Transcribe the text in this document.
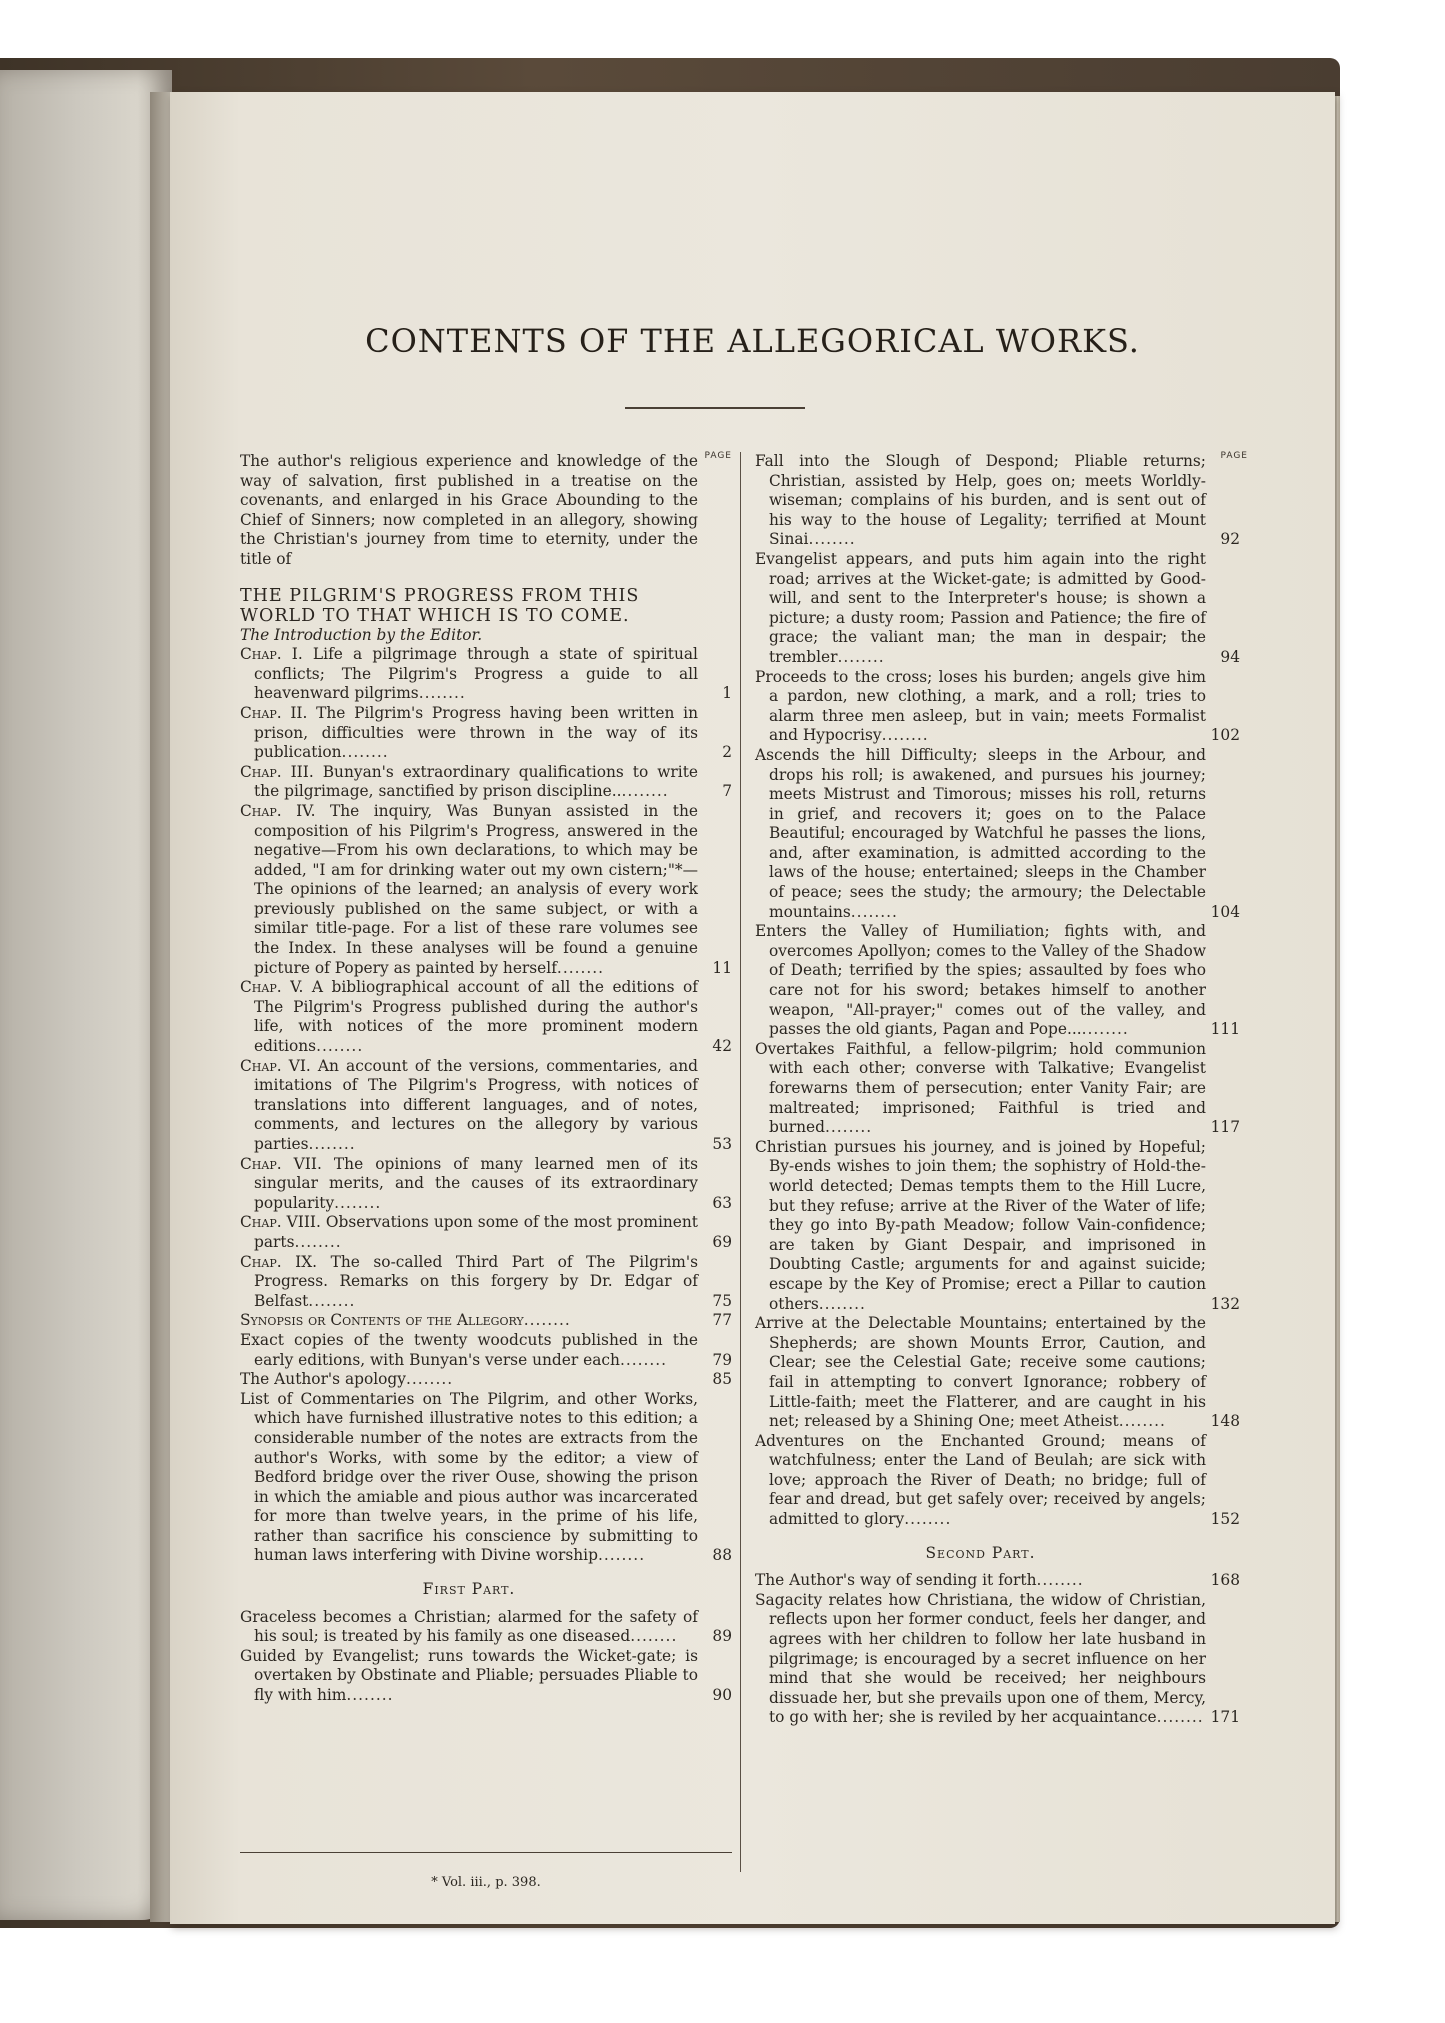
CONTENTS OF THE ALLEGORICAL WORKS.
PAGE

The author's religious experience and knowledge of the way of salvation, first published in a treatise on the covenants, and enlarged in his Grace Abounding to the Chief of Sinners; now completed in an allegory, showing the Christian's journey from time to eternity, under the title of

THE PILGRIM'S PROGRESS FROM THIS WORLD TO THAT WHICH IS TO COME.

The Introduction by the Editor.

Chap. I. Life a pilgrimage through a state of spiritual conflicts; The Pilgrim's Progress a guide to all heavenward pilgrims........	1

Chap. II. The Pilgrim's Progress having been written in prison, difficulties were thrown in the way of its publication........	2

Chap. III. Bunyan's extraordinary qualifications to write the pilgrimage, sanctified by prison discipline..........	7

Chap. IV. The inquiry, Was Bunyan assisted in the composition of his Pilgrim's Progress, answered in the negative—From his own declarations, to which may be added, "I am for drinking water out my own cistern;"*—The opinions of the learned; an analysis of every work previously published on the same subject, or with a similar title-page. For a list of these rare volumes see the Index. In these analyses will be found a genuine picture of Popery as painted by herself........	11

Chap. V. A bibliographical account of all the editions of The Pilgrim's Progress published during the author's life, with notices of the more prominent modern editions........	42

Chap. VI. An account of the versions, commentaries, and imitations of The Pilgrim's Progress, with notices of translations into different languages, and of notes, comments, and lectures on the allegory by various parties........	53

Chap. VII. The opinions of many learned men of its singular merits, and the causes of its extraordinary popularity........	63

Chap. VIII. Observations upon some of the most prominent parts........	69

Chap. IX. The so-called Third Part of The Pilgrim's Progress. Remarks on this forgery by Dr. Edgar of Belfast........	75

Synopsis or Contents of the Allegory........	77

Exact copies of the twenty woodcuts published in the early editions, with Bunyan's verse under each........	79

The Author's apology........	85

List of Commentaries on The Pilgrim, and other Works, which have furnished illustrative notes to this edition; a considerable number of the notes are extracts from the author's Works, with some by the editor; a view of Bedford bridge over the river Ouse, showing the prison in which the amiable and pious author was incarcerated for more than twelve years, in the prime of his life, rather than sacrifice his conscience by submitting to human laws interfering with Divine worship........	88

First Part.

Graceless becomes a Christian; alarmed for the safety of his soul; is treated by his family as one diseased........	89

Guided by Evangelist; runs towards the Wicket-gate; is overtaken by Obstinate and Pliable; persuades Pliable to fly with him........	90

* Vol. iii., p. 398.
PAGE

Fall into the Slough of Despond; Pliable returns; Christian, assisted by Help, goes on; meets Worldly-wiseman; complains of his burden, and is sent out of his way to the house of Legality; terrified at Mount Sinai........	92

Evangelist appears, and puts him again into the right road; arrives at the Wicket-gate; is admitted by Good-will, and sent to the Interpreter's house; is shown a picture; a dusty room; Passion and Patience; the fire of grace; the valiant man; the man in despair; the trembler........	94

Proceeds to the cross; loses his burden; angels give him a pardon, new clothing, a mark, and a roll; tries to alarm three men asleep, but in vain; meets Formalist and Hypocrisy........	102

Ascends the hill Difficulty; sleeps in the Arbour, and drops his roll; is awakened, and pursues his journey; meets Mistrust and Timorous; misses his roll, returns in grief, and recovers it; goes on to the Palace Beautiful; encouraged by Watchful he passes the lions, and, after examination, is admitted according to the laws of the house; entertained; sleeps in the Chamber of peace; sees the study; the armoury; the Delectable mountains........	104

Enters the Valley of Humiliation; fights with, and overcomes Apollyon; comes to the Valley of the Shadow of Death; terrified by the spies; assaulted by foes who care not for his sword; betakes himself to another weapon, "All-prayer;" comes out of the valley, and passes the old giants, Pagan and Pope...........	111

Overtakes Faithful, a fellow-pilgrim; hold communion with each other; converse with Talkative; Evangelist forewarns them of persecution; enter Vanity Fair; are maltreated; imprisoned; Faithful is tried and burned........	117

Christian pursues his journey, and is joined by Hopeful; By-ends wishes to join them; the sophistry of Hold-the-world detected; Demas tempts them to the Hill Lucre, but they refuse; arrive at the River of the Water of life; they go into By-path Meadow; follow Vain-confidence; are taken by Giant Despair, and imprisoned in Doubting Castle; arguments for and against suicide; escape by the Key of Promise; erect a Pillar to caution others........	132

Arrive at the Delectable Mountains; entertained by the Shepherds; are shown Mounts Error, Caution, and Clear; see the Celestial Gate; receive some cautions; fail in attempting to convert Ignorance; robbery of Little-faith; meet the Flatterer, and are caught in his net; released by a Shining One; meet Atheist........	148

Adventures on the Enchanted Ground; means of watchfulness; enter the Land of Beulah; are sick with love; approach the River of Death; no bridge; full of fear and dread, but get safely over; received by angels; admitted to glory........	152

Second Part.

The Author's way of sending it forth........	168

Sagacity relates how Christiana, the widow of Christian, reflects upon her former conduct, feels her danger, and agrees with her children to follow her late husband in pilgrimage; is encouraged by a secret influence on her mind that she would be received; her neighbours dissuade her, but she prevails upon one of them, Mercy, to go with her; she is reviled by her acquaintance........ 171
